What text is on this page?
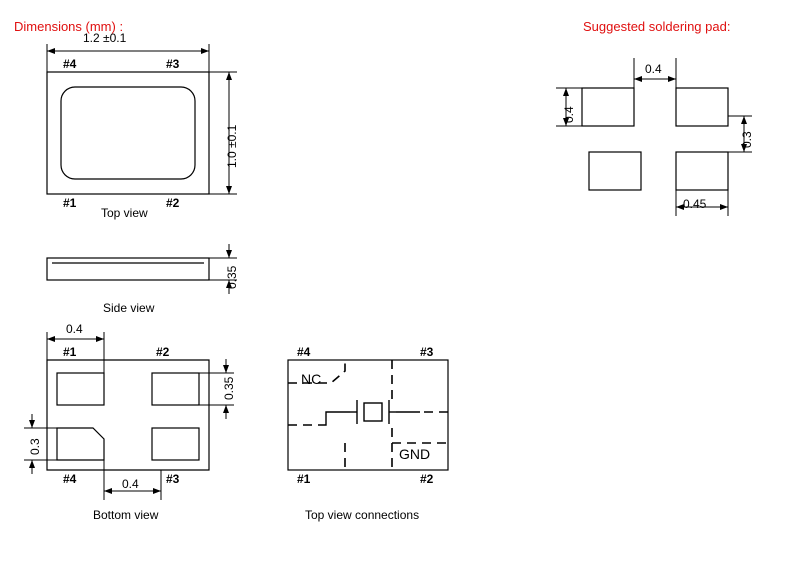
Dimensions (mm) :	Suggested soldering pad:
1.2 ±0.1
1.0 ±0.1
#4	#3
#1	#2
Top view
0.35
Side view
0.4
0.35
0.3
0.4
#1	#2
#4	#3
Bottom view
#4	#3
#1	#2
NC
GND
Top view connections
0.4
0.4
0.3
0.45
